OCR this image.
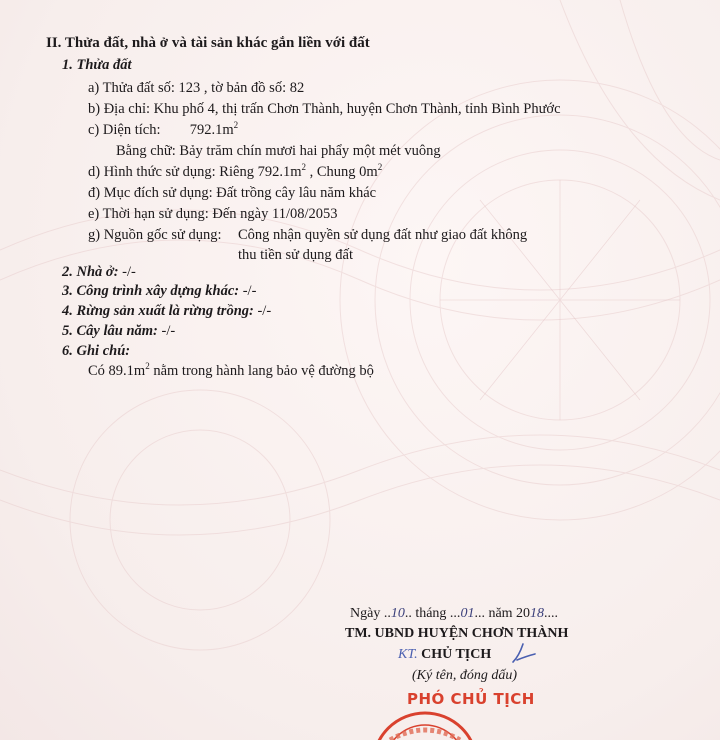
II. Thửa đất, nhà ở và tài sản khác gắn liền với đất
1. Thửa đất
a) Thửa đất số: 123 , tờ bản đồ số: 82
b) Địa chỉ: Khu phố 4, thị trấn Chơn Thành, huyện Chơn Thành, tỉnh Bình Phước
c) Diện tích: $792.1m^2$
Bằng chữ: Bảy trăm chín mươi hai phẩy một mét vuông
d) Hình thức sử dụng: Riêng $792.1m^2$ , Chung $0m^2$
đ) Mục đích sử dụng: Đất trồng cây lâu năm khác
e) Thời hạn sử dụng: Đến ngày 11/08/2053
g) Nguồn gốc sử dụng: Công nhận quyền sử dụng đất như giao đất không
thu tiền sử dụng đất
2. Nhà ở: -/-
3. Công trình xây dựng khác: -/-
4. Rừng sản xuất là rừng trồng: -/-
5. Cây lâu năm: -/-
6. Ghi chú:
Có $89.1m^2$ nằm trong hành lang bảo vệ đường bộ
Ngày ..10.. tháng ...01... năm 2018....
TM. UBND HUYỆN CHƠN THÀNH
KT. CHỦ TỊCH
(Ký tên, đóng dấu)
PHÓ CHỦ TỊCH
